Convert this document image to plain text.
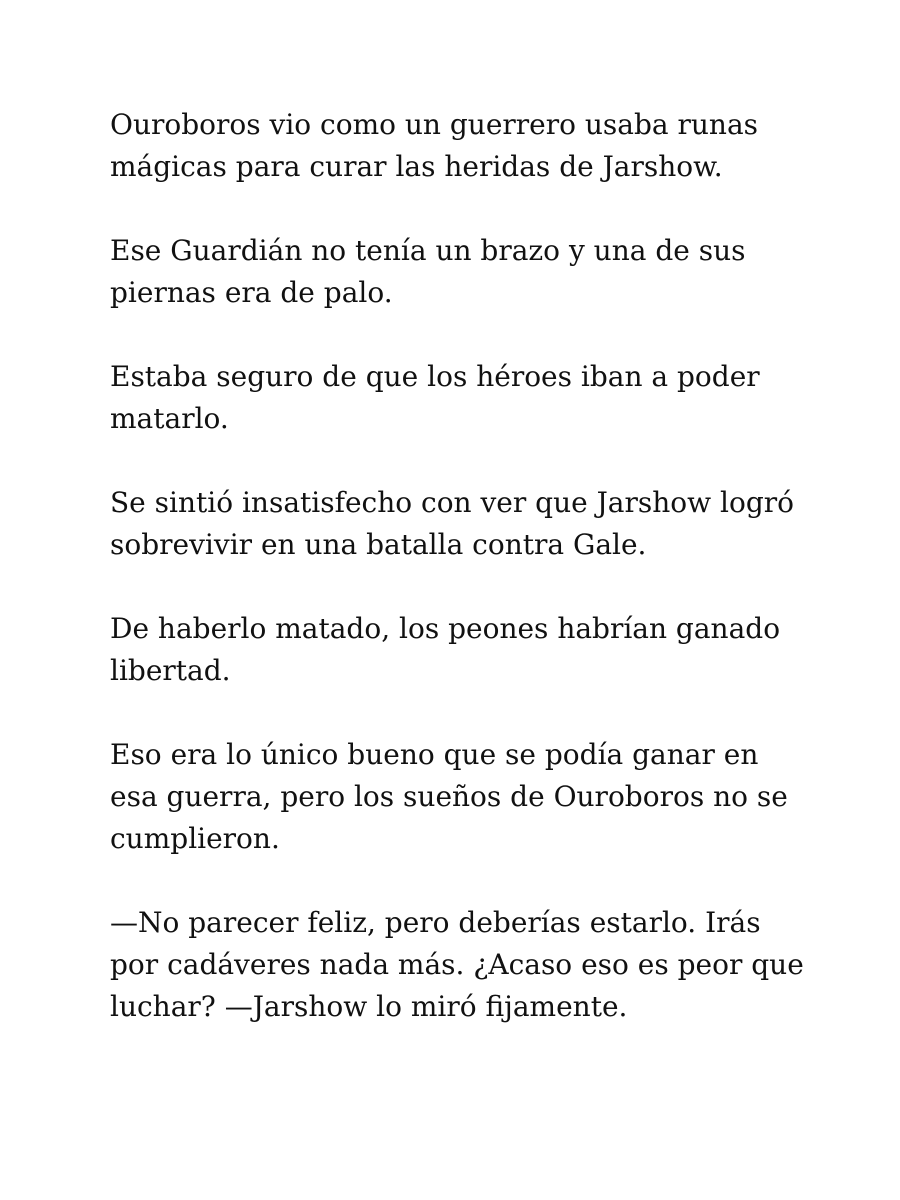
Ouroboros vio como un guerrero usaba runas
mágicas para curar las heridas de Jarshow.

Ese Guardián no tenía un brazo y una de sus
piernas era de palo.

Estaba seguro de que los héroes iban a poder
matarlo.

Se sintió insatisfecho con ver que Jarshow logró
sobrevivir en una batalla contra Gale.

De haberlo matado, los peones habrían ganado
libertad.

Eso era lo único bueno que se podía ganar en
esa guerra, pero los sueños de Ouroboros no se
cumplieron.

—No parecer feliz, pero deberías estarlo. Irás
por cadáveres nada más. ¿Acaso eso es peor que
luchar? —Jarshow lo miró fijamente.
